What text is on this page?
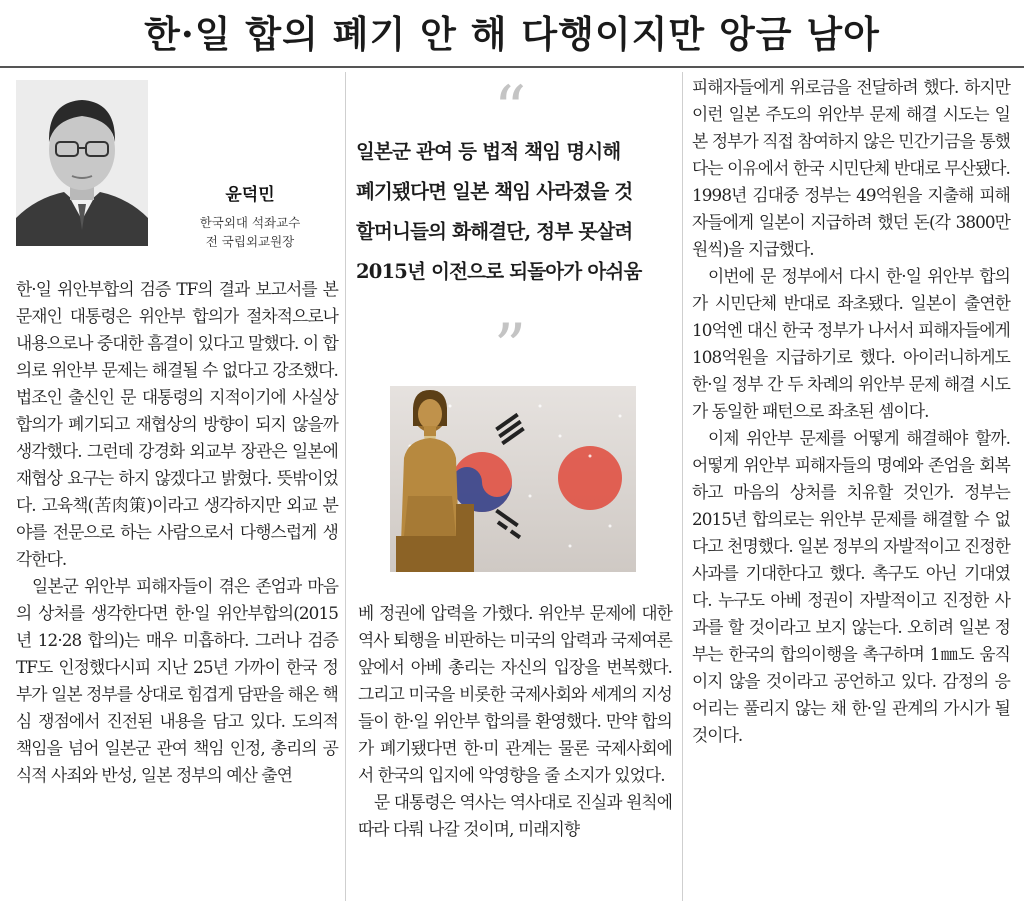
한·일 합의 폐기 안 해 다행이지만 앙금 남아
윤덕민
한국외대 석좌교수
전 국립외교원장

한·일 위안부합의 검증 TF의 결과 보고서를 본 문재인 대통령은 위안부 합의가 절차적으로나 내용으로나 중대한 흠결이 있다고 말했다. 이 합의로 위안부 문제는 해결될 수 없다고 강조했다. 법조인 출신인 문 대통령의 지적이기에 사실상 합의가 폐기되고 재협상의 방향이 되지 않을까 생각했다. 그런데 강경화 외교부 장관은 일본에 재협상 요구는 하지 않겠다고 밝혔다. 뜻밖이었다. 고육책(苦肉策)이라고 생각하지만 외교 분야를 전문으로 하는 사람으로서 다행스럽게 생각한다.

일본군 위안부 피해자들이 겪은 존엄과 마음의 상처를 생각한다면 한·일 위안부합의(2015년 12·28 합의)는 매우 미흡하다. 그러나 검증 TF도 인정했다시피 지난 25년 가까이 한국 정부가 일본 정부를 상대로 힘겹게 담판을 해온 핵심 쟁점에서 진전된 내용을 담고 있다. 도의적 책임을 넘어 일본군 관여 책임 인정, 총리의 공식적 사죄와 반성, 일본 정부의 예산 출연

“
일본군 관여 등 법적 책임 명시해
폐기됐다면 일본 책임 사라졌을 것
할머니들의 화해결단, 정부 못살려
2015년 이전으로 되돌아가 아쉬움
”

베 정권에 압력을 가했다. 위안부 문제에 대한 역사 퇴행을 비판하는 미국의 압력과 국제여론 앞에서 아베 총리는 자신의 입장을 번복했다. 그리고 미국을 비롯한 국제사회와 세계의 지성들이 한·일 위안부 합의를 환영했다. 만약 합의가 폐기됐다면 한·미 관계는 물론 국제사회에서 한국의 입지에 악영향을 줄 소지가 있었다.

문 대통령은 역사는 역사대로 진실과 원칙에 따라 다뤄 나갈 것이며, 미래지향

피해자들에게 위로금을 전달하려 했다. 하지만 이런 일본 주도의 위안부 문제 해결 시도는 일본 정부가 직접 참여하지 않은 민간기금을 통했다는 이유에서 한국 시민단체 반대로 무산됐다. 1998년 김대중 정부는 49억원을 지출해 피해자들에게 일본이 지급하려 했던 돈(각 3800만원씩)을 지급했다.

이번에 문 정부에서 다시 한·일 위안부 합의가 시민단체 반대로 좌초됐다. 일본이 출연한 10억엔 대신 한국 정부가 나서서 피해자들에게 108억원을 지급하기로 했다. 아이러니하게도 한·일 정부 간 두 차례의 위안부 문제 해결 시도가 동일한 패턴으로 좌초된 셈이다.

이제 위안부 문제를 어떻게 해결해야 할까. 어떻게 위안부 피해자들의 명예와 존엄을 회복하고 마음의 상처를 치유할 것인가. 정부는 2015년 합의로는 위안부 문제를 해결할 수 없다고 천명했다. 일본 정부의 자발적이고 진정한 사과를 기대한다고 했다. 촉구도 아닌 기대였다. 누구도 아베 정권이 자발적이고 진정한 사과를 할 것이라고 보지 않는다. 오히려 일본 정부는 한국의 합의이행을 촉구하며 1㎜도 움직이지 않을 것이라고 공언하고 있다. 감정의 응어리는 풀리지 않는 채 한·일 관계의 가시가 될 것이다.
